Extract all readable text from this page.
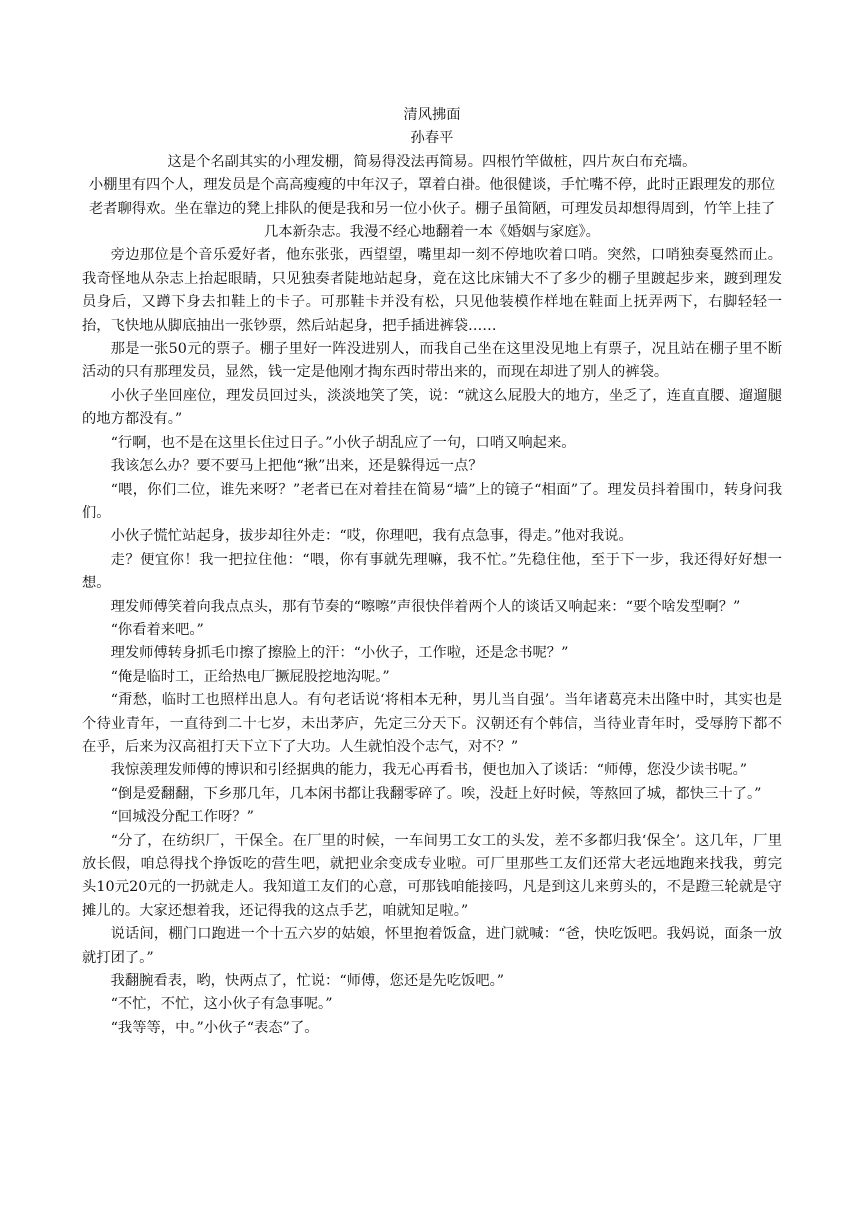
清风拂面

孙春平

这是个名副其实的小理发棚，简易得没法再简易。四根竹竿做桩，四片灰白布充墙。

小棚里有四个人，理发员是个高高瘦瘦的中年汉子，罩着白褂。他很健谈，手忙嘴不停，此时正跟理发的那位老者聊得欢。坐在靠边的凳上排队的便是我和另一位小伙子。棚子虽简陋，可理发员却想得周到，竹竿上挂了几本新杂志。我漫不经心地翻着一本《婚姻与家庭》。

旁边那位是个音乐爱好者，他东张张，西望望，嘴里却一刻不停地吹着口哨。突然，口哨独奏戛然而止。我奇怪地从杂志上抬起眼睛，只见独奏者陡地站起身，竟在这比床铺大不了多少的棚子里踱起步来，踱到理发员身后，又蹲下身去扣鞋上的卡子。可那鞋卡并没有松，只见他装模作样地在鞋面上抚弄两下，右脚轻轻一抬，飞快地从脚底抽出一张钞票，然后站起身，把手插进裤袋……

那是一张50元的票子。棚子里好一阵没进别人，而我自己坐在这里没见地上有票子，况且站在棚子里不断活动的只有那理发员，显然，钱一定是他刚才掏东西时带出来的，而现在却进了别人的裤袋。

小伙子坐回座位，理发员回过头，淡淡地笑了笑，说：“就这么屁股大的地方，坐乏了，连直直腰、遛遛腿的地方都没有。”

“行啊，也不是在这里长住过日子。”小伙子胡乱应了一句，口哨又响起来。

我该怎么办？要不要马上把他“揪”出来，还是躲得远一点？

“喂，你们二位，谁先来呀？”老者已在对着挂在简易“墙”上的镜子“相面”了。理发员抖着围巾，转身问我们。

小伙子慌忙站起身，拔步却往外走：“哎，你理吧，我有点急事，得走。”他对我说。

走？便宜你！我一把拉住他：“喂，你有事就先理嘛，我不忙。”先稳住他，至于下一步，我还得好好想一想。

理发师傅笑着向我点点头，那有节奏的“嚓嚓”声很快伴着两个人的谈话又响起来：“要个啥发型啊？”

“你看着来吧。”

理发师傅转身抓毛巾擦了擦脸上的汗：“小伙子，工作啦，还是念书呢？”

“俺是临时工，正给热电厂撅屁股挖地沟呢。”

“甭愁，临时工也照样出息人。有句老话说‘将相本无种，男儿当自强’。当年诸葛亮未出隆中时，其实也是个待业青年，一直待到二十七岁，未出茅庐，先定三分天下。汉朝还有个韩信，当待业青年时，受辱胯下都不在乎，后来为汉高祖打天下立下了大功。人生就怕没个志气，对不？”

我惊羡理发师傅的博识和引经据典的能力，我无心再看书，便也加入了谈话：“师傅，您没少读书呢。”

“倒是爱翻翻，下乡那几年，几本闲书都让我翻零碎了。唉，没赶上好时候，等熬回了城，都快三十了。”

“回城没分配工作呀？”

“分了，在纺织厂，干保全。在厂里的时候，一车间男工女工的头发，差不多都归我‘保全’。这几年，厂里放长假，咱总得找个挣饭吃的营生吧，就把业余变成专业啦。可厂里那些工友们还常大老远地跑来找我，剪完头10元20元的一扔就走人。我知道工友们的心意，可那钱咱能接吗，凡是到这儿来剪头的，不是蹬三轮就是守摊儿的。大家还想着我，还记得我的这点手艺，咱就知足啦。”

说话间，棚门口跑进一个十五六岁的姑娘，怀里抱着饭盒，进门就喊：“爸，快吃饭吧。我妈说，面条一放就打团了。”

我翻腕看表，哟，快两点了，忙说：“师傅，您还是先吃饭吧。”

“不忙，不忙，这小伙子有急事呢。”

“我等等，中。”小伙子“表态”了。
